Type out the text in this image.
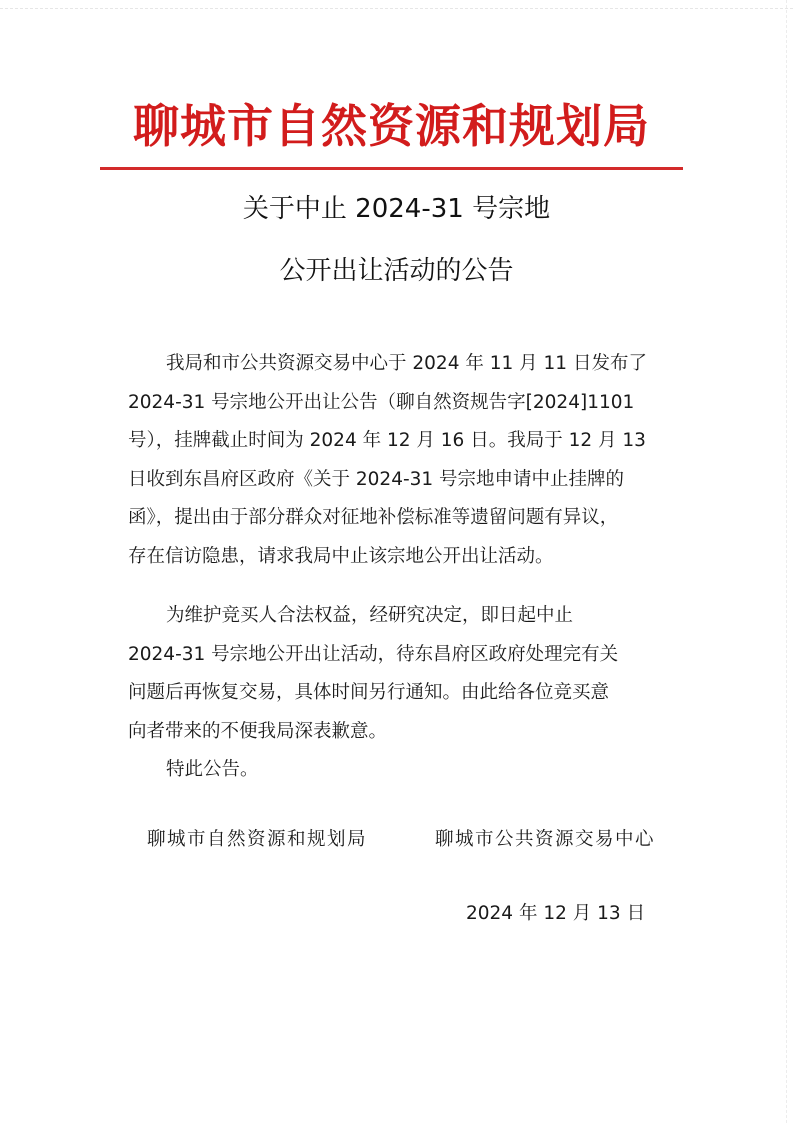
聊城市自然资源和规划局
关于中止 2024-31 号宗地
公开出让活动的公告
我局和市公共资源交易中心于 2024 年 11 月 11 日发布了
2024-31 号宗地公开出让公告（聊自然资规告字[2024]1101
号），挂牌截止时间为 2024 年 12 月 16 日。我局于 12 月 13
日收到东昌府区政府《关于 2024-31 号宗地申请中止挂牌的
函》，提出由于部分群众对征地补偿标准等遗留问题有异议，
存在信访隐患，请求我局中止该宗地公开出让活动。
为维护竞买人合法权益，经研究决定，即日起中止
2024-31 号宗地公开出让活动，待东昌府区政府处理完有关
问题后再恢复交易，具体时间另行通知。由此给各位竞买意
向者带来的不便我局深表歉意。
特此公告。
聊城市自然资源和规划局	聊城市公共资源交易中心
2024 年 12 月 13 日
